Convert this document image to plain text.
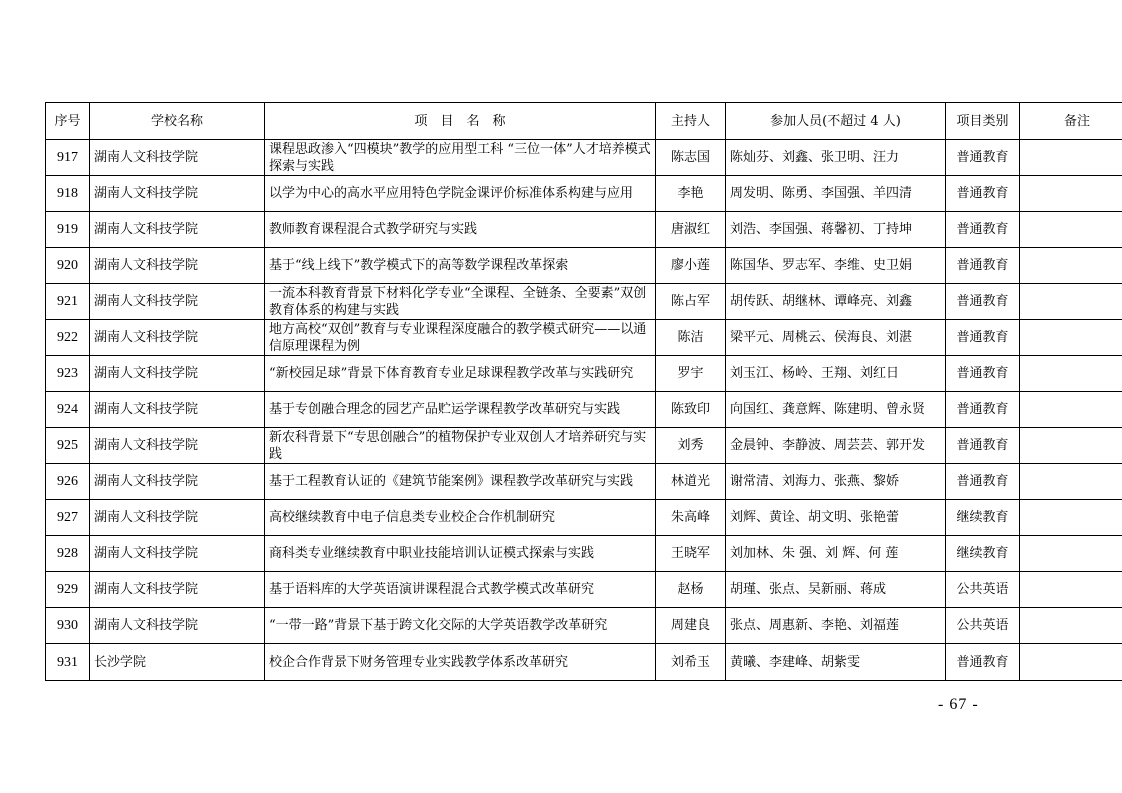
序号	学校名称	项　目　名　称	主持人	参加人员(不超过 4 人)	项目类别	备注
917	湖南人文科技学院	课程思政渗入“四模块”教学的应用型工科 “三位一体”人才培养模式探索与实践	陈志国	陈灿芬、刘鑫、张卫明、汪力	普通教育	
918	湖南人文科技学院	以学为中心的高水平应用特色学院金课评价标准体系构建与应用	李艳	周发明、陈勇、李国强、羊四清	普通教育	
919	湖南人文科技学院	教师教育课程混合式教学研究与实践	唐淑红	刘浩、李国强、蒋馨初、丁持坤	普通教育	
920	湖南人文科技学院	基于“线上线下”教学模式下的高等数学课程改革探索	廖小莲	陈国华、罗志军、李维、史卫娟	普通教育	
921	湖南人文科技学院	一流本科教育背景下材料化学专业“全课程、全链条、全要素”双创教育体系的构建与实践	陈占军	胡传跃、胡继林、谭峰亮、刘鑫	普通教育	
922	湖南人文科技学院	地方高校“双创”教育与专业课程深度融合的教学模式研究——以通信原理课程为例	陈洁	梁平元、周桃云、侯海良、刘湛	普通教育	
923	湖南人文科技学院	“新校园足球”背景下体育教育专业足球课程教学改革与实践研究	罗宇	刘玉江、杨岭、王翔、刘红日	普通教育	
924	湖南人文科技学院	基于专创融合理念的园艺产品贮运学课程教学改革研究与实践	陈致印	向国红、龚意辉、陈建明、曾永贤	普通教育	
925	湖南人文科技学院	新农科背景下“专思创融合”的植物保护专业双创人才培养研究与实践	刘秀	金晨钟、李静波、周芸芸、郭开发	普通教育	
926	湖南人文科技学院	基于工程教育认证的《建筑节能案例》课程教学改革研究与实践	林道光	谢常清、刘海力、张燕、黎娇	普通教育	
927	湖南人文科技学院	高校继续教育中电子信息类专业校企合作机制研究	朱高峰	刘辉、黄诠、胡文明、张艳蕾	继续教育	
928	湖南人文科技学院	商科类专业继续教育中职业技能培训认证模式探索与实践	王晓军	刘加林、朱 强、刘 辉、何 莲	继续教育	
929	湖南人文科技学院	基于语料库的大学英语演讲课程混合式教学模式改革研究	赵杨	胡瑾、张点、吴新丽、蒋成	公共英语	
930	湖南人文科技学院	“一带一路”背景下基于跨文化交际的大学英语教学改革研究	周建良	张点、周惠新、李艳、刘福莲	公共英语	
931	长沙学院	校企合作背景下财务管理专业实践教学体系改革研究	刘希玉	黄曦、李建峰、胡紫雯	普通教育	
- 67 -
